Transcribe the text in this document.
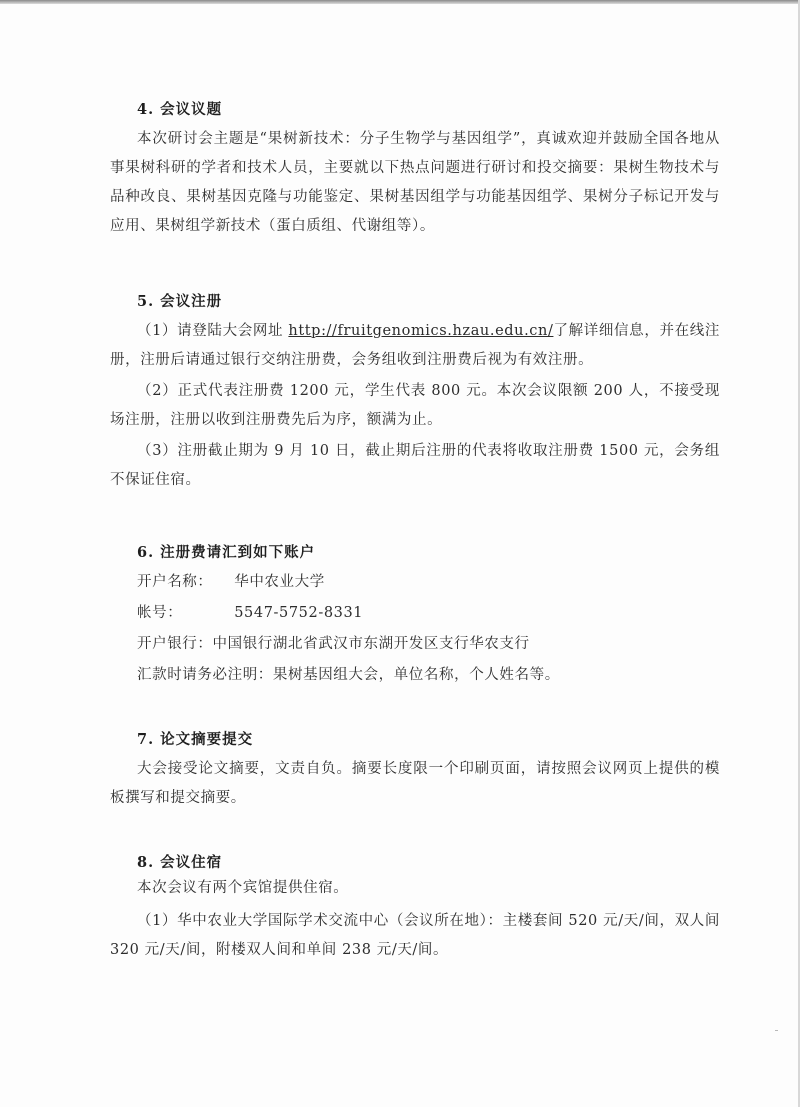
4. 会议议题

本次研讨会主题是“果树新技术：分子生物学与基因组学”，真诚欢迎并鼓励全国各地从事果树科研的学者和技术人员，主要就以下热点问题进行研讨和投交摘要：果树生物技术与品种改良、果树基因克隆与功能鉴定、果树基因组学与功能基因组学、果树分子标记开发与应用、果树组学新技术（蛋白质组、代谢组等）。

5. 会议注册

（1）请登陆大会网址 http://fruitgenomics.hzau.edu.cn/了解详细信息，并在线注册，注册后请通过银行交纳注册费，会务组收到注册费后视为有效注册。

（2）正式代表注册费 1200 元，学生代表 800 元。本次会议限额 200 人，不接受现场注册，注册以收到注册费先后为序，额满为止。

（3）注册截止期为 9 月 10 日，截止期后注册的代表将收取注册费 1500 元，会务组不保证住宿。

6. 注册费请汇到如下账户

开户名称： 华中农业大学

帐号：	5547-5752-8331

开户银行：中国银行湖北省武汉市东湖开发区支行华农支行

汇款时请务必注明：果树基因组大会，单位名称，个人姓名等。

7. 论文摘要提交

大会接受论文摘要，文责自负。摘要长度限一个印刷页面，请按照会议网页上提供的模板撰写和提交摘要。

8. 会议住宿

本次会议有两个宾馆提供住宿。

（1）华中农业大学国际学术交流中心（会议所在地）：主楼套间 520 元/天/间，双人间 320 元/天/间，附楼双人间和单间 238 元/天/间。
